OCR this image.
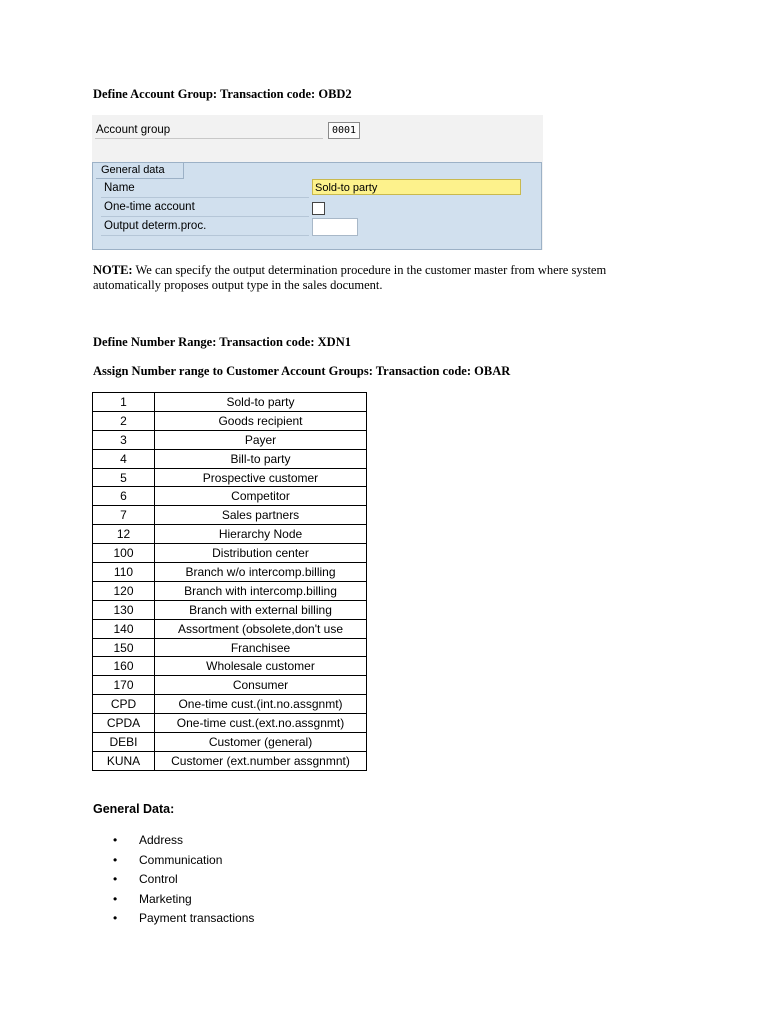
Define Account Group: Transaction code: OBD2
Account group	0001
General data
Name	Sold-to party
One-time account
Output determ.proc.
NOTE: We can specify the output determination procedure in the customer master from where system automatically proposes output type in the sales document.
Define Number Range: Transaction code: XDN1
Assign Number range to Customer Account Groups: Transaction code: OBAR
1	Sold-to party
2	Goods recipient
3	Payer
4	Bill-to party
5	Prospective customer
6	Competitor
7	Sales partners
12	Hierarchy Node
100	Distribution center
110	Branch w/o intercomp.billing
120	Branch with intercomp.billing
130	Branch with external billing
140	Assortment (obsolete,don't use
150	Franchisee
160	Wholesale customer
170	Consumer
CPD	One-time cust.(int.no.assgnmt)
CPDA	One-time cust.(ext.no.assgnmt)
DEBI	Customer (general)
KUNA	Customer (ext.number assgnmnt)
General Data:
• Address
• Communication
• Control
• Marketing
• Payment transactions
